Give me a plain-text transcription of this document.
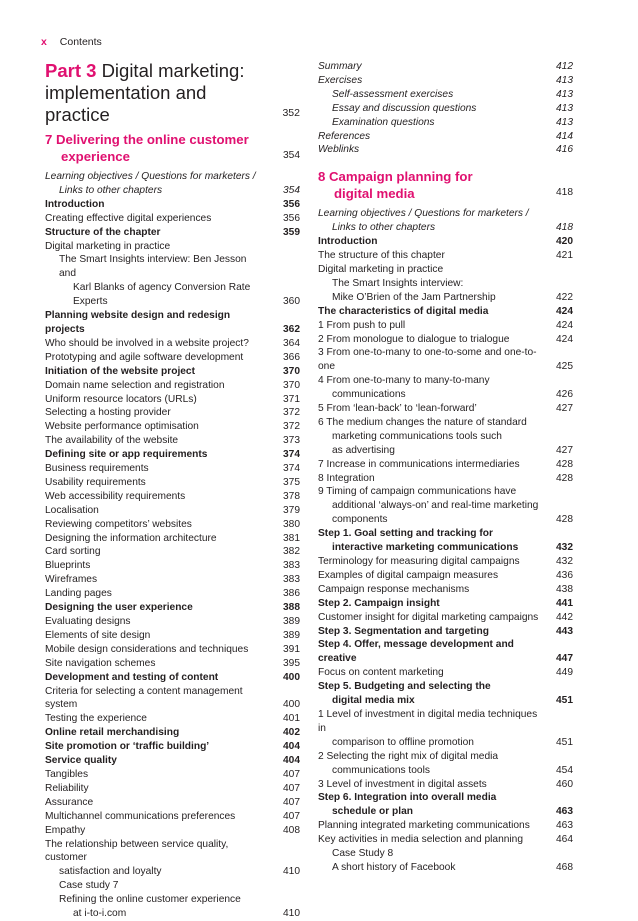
x Contents
Part 3 Digital marketing: implementation and practice	352
7 Delivering the online customer
experience	354
Learning objectives / Questions for marketers /
Links to other chapters	354
Introduction	356
Creating effective digital experiences	356
Structure of the chapter	359
Digital marketing in practice
The Smart Insights interview: Ben Jesson and
Karl Blanks of agency Conversion Rate Experts	360
Planning website design and redesign projects	362
Who should be involved in a website project?	364
Prototyping and agile software development	366
Initiation of the website project	370
Domain name selection and registration	370
Uniform resource locators (URLs)	371
Selecting a hosting provider	372
Website performance optimisation	372
The availability of the website	373
Defining site or app requirements	374
Business requirements	374
Usability requirements	375
Web accessibility requirements	378
Localisation	379
Reviewing competitors’ websites	380
Designing the information architecture	381
Card sorting	382
Blueprints	383
Wireframes	383
Landing pages	386
Designing the user experience	388
Evaluating designs	389
Elements of site design	389
Mobile design considerations and techniques	391
Site navigation schemes	395
Development and testing of content	400
Criteria for selecting a content management system	400
Testing the experience	401
Online retail merchandising	402
Site promotion or ‘traffic building’	404
Service quality	404
Tangibles	407
Reliability	407
Assurance	407
Multichannel communications preferences	407
Empathy	408
The relationship between service quality, customer
satisfaction and loyalty	410
Case study 7
Refining the online customer experience
at i-to-i.com	410
Summary	412
Exercises	413
Self-assessment exercises	413
Essay and discussion questions	413
Examination questions	413
References	414
Weblinks	416
8 Campaign planning for
digital media	418
Learning objectives / Questions for marketers /
Links to other chapters	418
Introduction	420
The structure of this chapter	421
Digital marketing in practice
The Smart Insights interview:
Mike O’Brien of the Jam Partnership	422
The characteristics of digital media	424
1 From push to pull	424
2 From monologue to dialogue to trialogue	424
3 From one-to-many to one-to-some and one-to-one	425
4 From one-to-many to many-to-many
communications	426
5 From ‘lean-back’ to ‘lean-forward’	427
6 The medium changes the nature of standard
marketing communications tools such
as advertising	427
7 Increase in communications intermediaries	428
8 Integration	428
9 Timing of campaign communications have
additional ‘always-on’ and real-time marketing
components	428
Step 1. Goal setting and tracking for
interactive marketing communications	432
Terminology for measuring digital campaigns	432
Examples of digital campaign measures	436
Campaign response mechanisms	438
Step 2. Campaign insight	441
Customer insight for digital marketing campaigns 442
Step 3. Segmentation and targeting	443
Step 4. Offer, message development and creative	447
Focus on content marketing	449
Step 5. Budgeting and selecting the
digital media mix	451
1 Level of investment in digital media techniques in
comparison to offline promotion	451
2 Selecting the right mix of digital media
communications tools	454
3 Level of investment in digital assets	460
Step 6. Integration into overall media
schedule or plan	463
Planning integrated marketing communications	463
Key activities in media selection and planning	464
Case Study 8
A short history of Facebook	468
